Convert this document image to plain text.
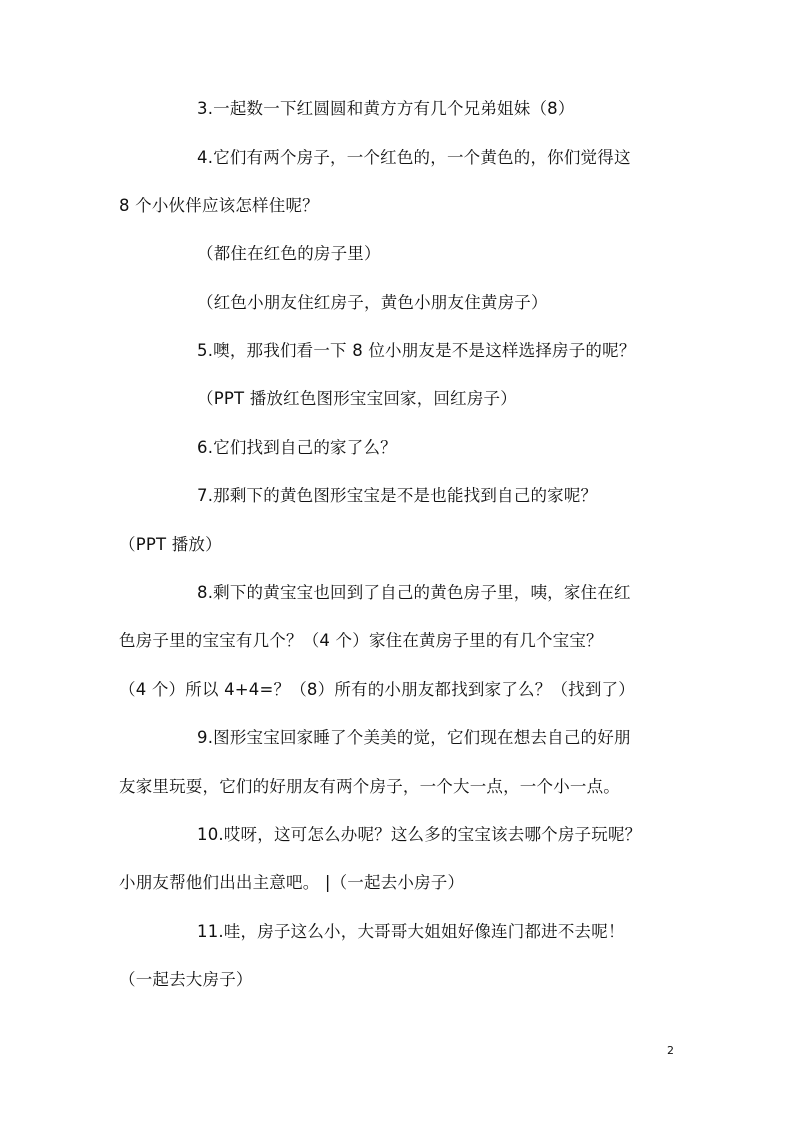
3.一起数一下红圆圆和黄方方有几个兄弟姐妹（8）
4.它们有两个房子，一个红色的，一个黄色的，你们觉得这
8 个小伙伴应该怎样住呢？
（都住在红色的房子里）
（红色小朋友住红房子，黄色小朋友住黄房子）
5.噢，那我们看一下 8 位小朋友是不是这样选择房子的呢？
（PPT 播放红色图形宝宝回家，回红房子）
6.它们找到自己的家了么？
7.那剩下的黄色图形宝宝是不是也能找到自己的家呢？
（PPT 播放）
8.剩下的黄宝宝也回到了自己的黄色房子里，咦，家住在红
色房子里的宝宝有几个？（4 个）家住在黄房子里的有几个宝宝？
（4 个）所以 4+4=？（8）所有的小朋友都找到家了么？（找到了）
9.图形宝宝回家睡了个美美的觉，它们现在想去自己的好朋
友家里玩耍，它们的好朋友有两个房子，一个大一点，一个小一点。
10.哎呀，这可怎么办呢？这么多的宝宝该去哪个房子玩呢？
小朋友帮他们出出主意吧。 |（一起去小房子）
11.哇，房子这么小，大哥哥大姐姐好像连门都进不去呢！
（一起去大房子）
2
